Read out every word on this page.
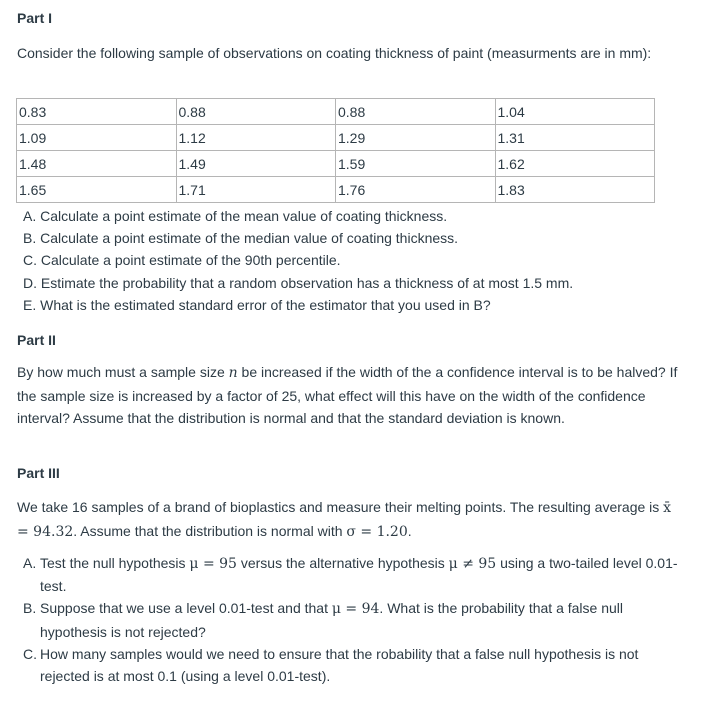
Part I
Consider the following sample of observations on coating thickness of paint (measurments are in mm):
0.83	0.88	0.88	1.04
1.09	1.12	1.29	1.31
1.48	1.49	1.59	1.62
1.65	1.71	1.76	1.83
A. Calculate a point estimate of the mean value of coating thickness.
B. Calculate a point estimate of the median value of coating thickness.
C. Calculate a point estimate of the 90th percentile.
D. Estimate the probability that a random observation has a thickness of at most 1.5 mm.
E. What is the estimated standard error of the estimator that you used in B?
Part II
By how much must a sample size n be increased if the width of the a confidence interval is to be halved? If the sample size is increased by a factor of 25, what effect will this have on the width of the confidence interval? Assume that the distribution is normal and that the standard deviation is known.
Part III
We take 16 samples of a brand of bioplastics and measure their melting points. The resulting average is x̄ = 94.32. Assume that the distribution is normal with σ = 1.20.
A. Test the null hypothesis μ = 95 versus the alternative hypothesis μ ≠ 95 using a two-tailed level 0.01-test.
B. Suppose that we use a level 0.01-test and that μ = 94. What is the probability that a false null hypothesis is not rejected?
C. How many samples would we need to ensure that the robability that a false null hypothesis is not rejected is at most 0.1 (using a level 0.01-test).
